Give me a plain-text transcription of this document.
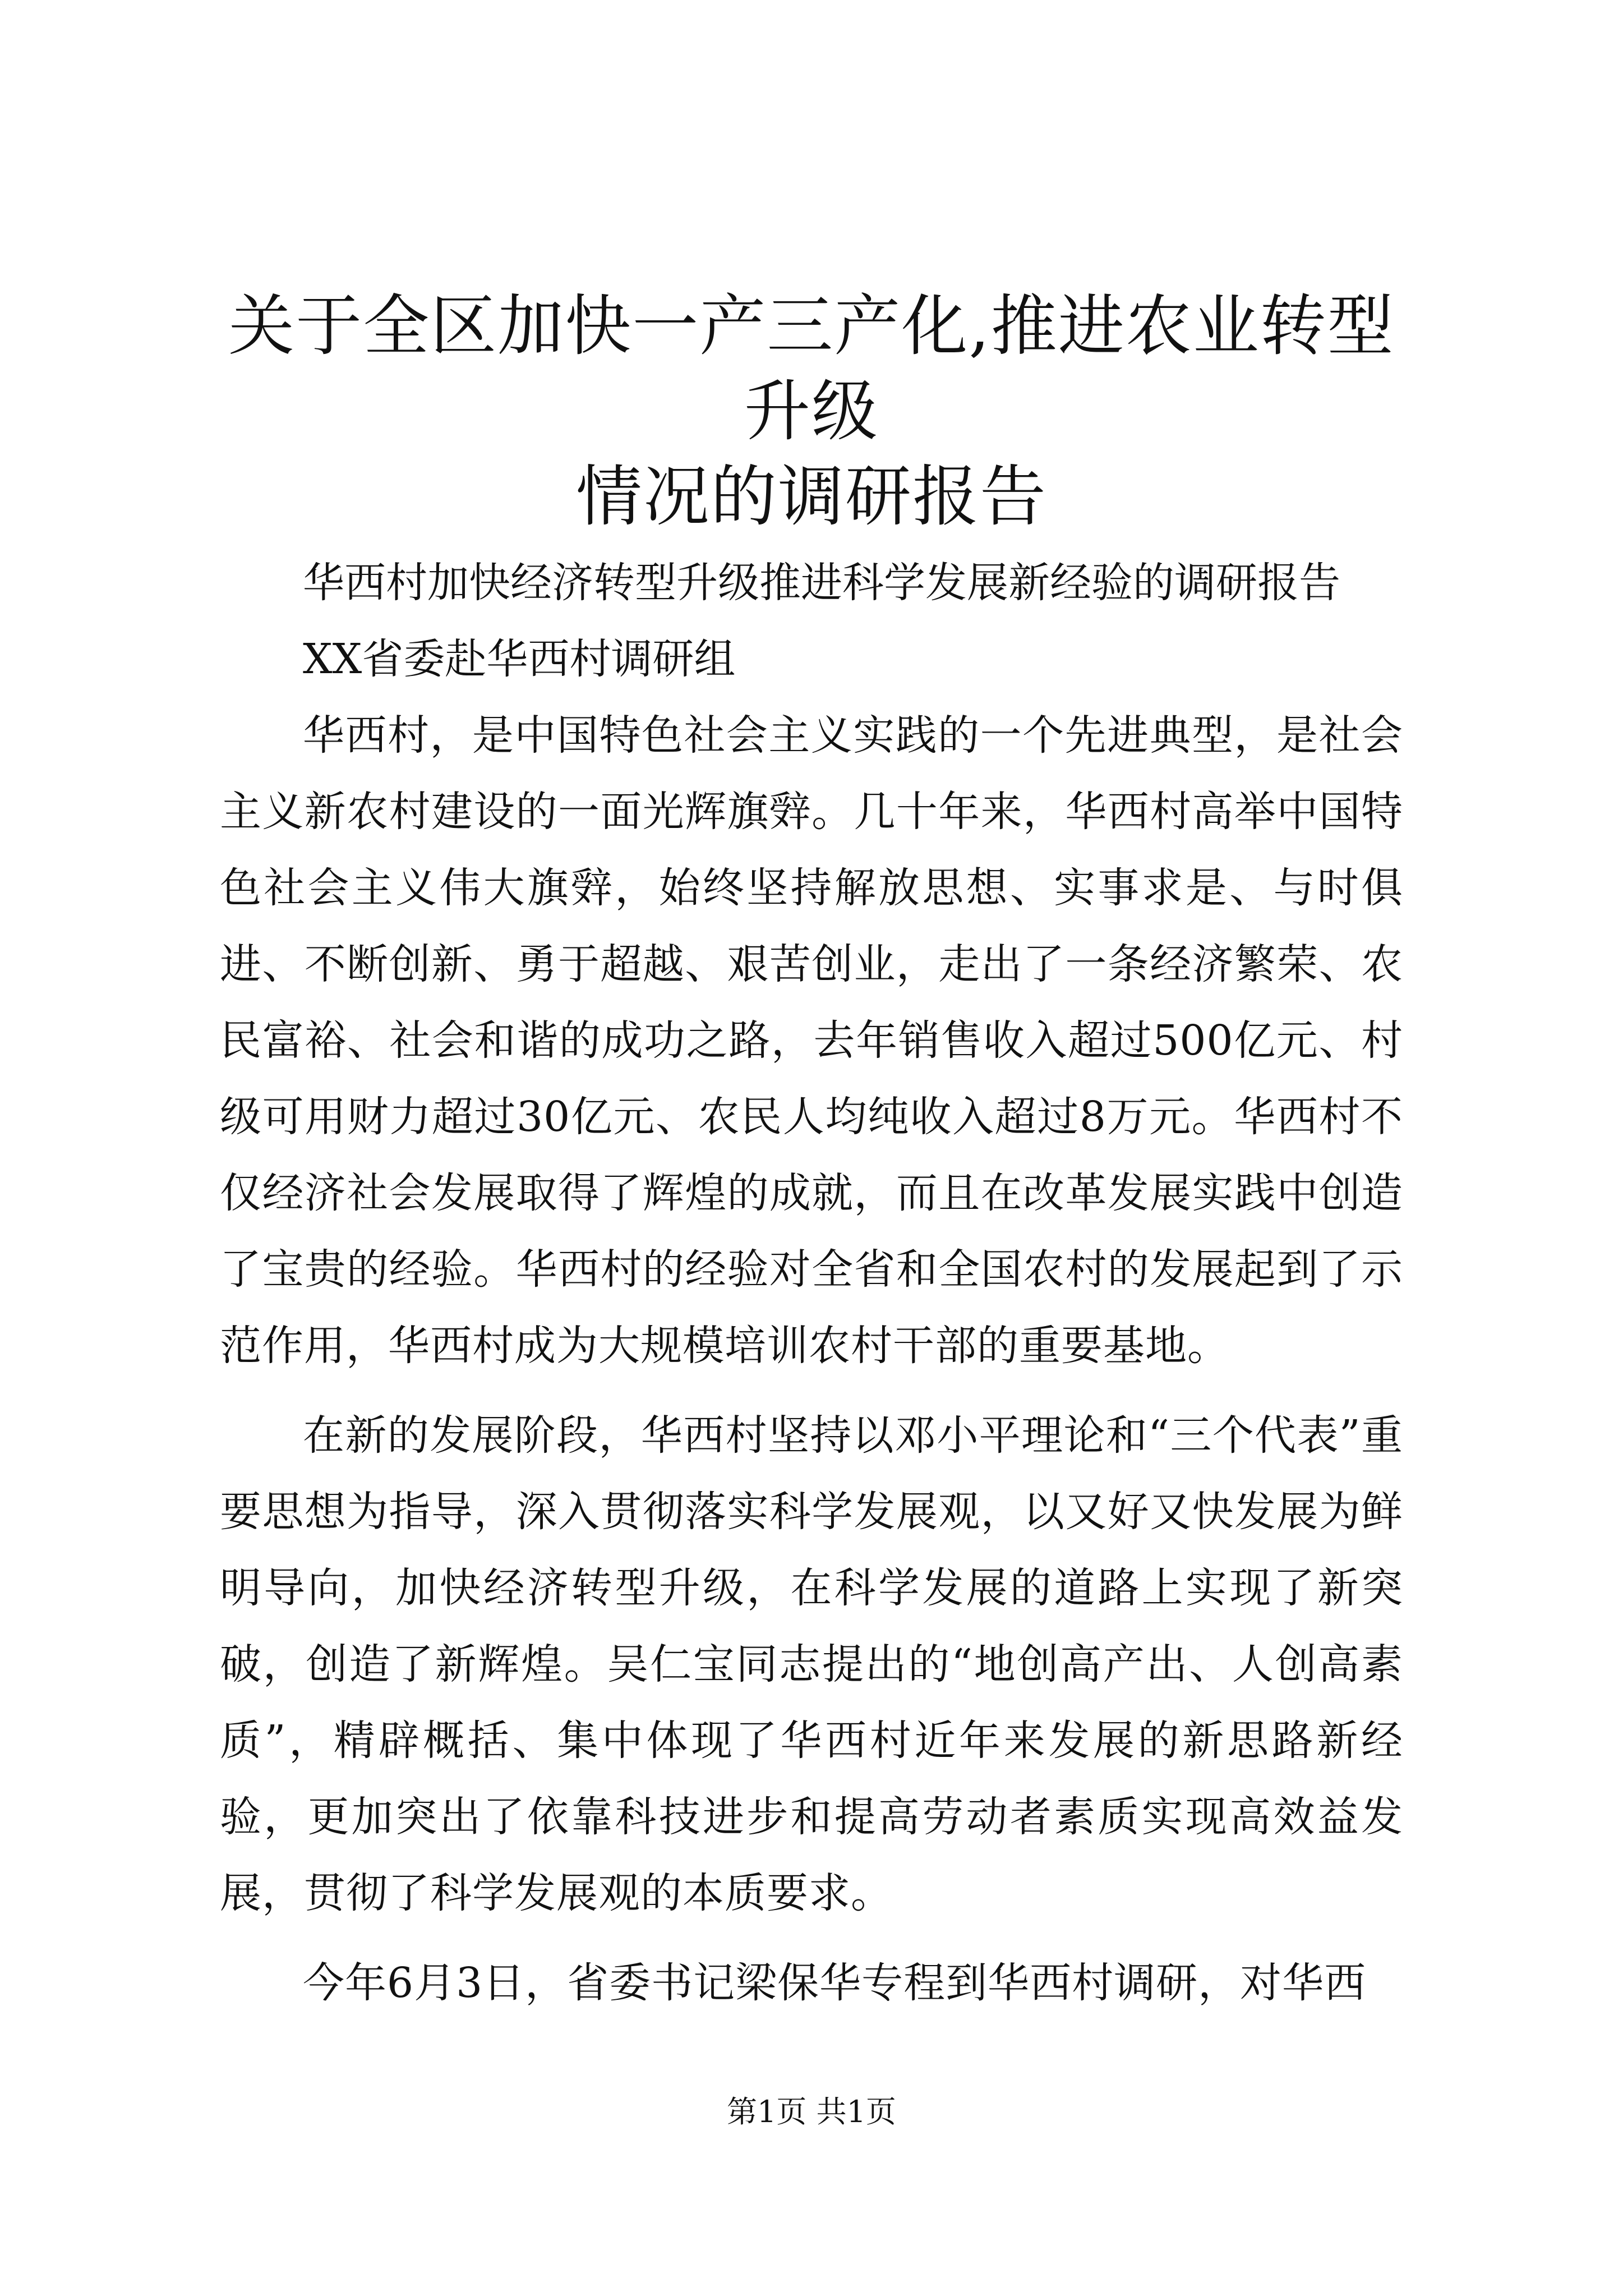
关于全区加快一产三产化,推进农业转型升级
情况的调研报告

华西村加快经济转型升级推进科学发展新经验的调研报告

XX省委赴华西村调研组

华西村，是中国特色社会主义实践的一个先进典型，是社会主义新农村建设的一面光辉旗辤。几十年来，华西村高举中国特色社会主义伟大旗辤，始终坚持解放思想、实事求是、与时俱进、不断创新、勇于超越、艰苦创业，走出了一条经济繁荣、农民富裕、社会和谐的成功之路，去年销售收入超过500亿元、村级可用财力超过30亿元、农民人均纯收入超过8万元。华西村不仅经济社会发展取得了辉煌的成就，而且在改革发展实践中创造了宝贵的经验。华西村的经验对全省和全国农村的发展起到了示范作用，华西村成为大规模培训农村干部的重要基地。

在新的发展阶段，华西村坚持以邓小平理论和“三个代表”重要思想为指导，深入贯彻落实科学发展观，以又好又快发展为鲜明导向，加快经济转型升级，在科学发展的道路上实现了新突破，创造了新辉煌。吴仁宝同志提出的“地创高产出、人创高素质”，精辟概括、集中体现了华西村近年来发展的新思路新经验，更加突出了依靠科技进步和提高劳动者素质实现高效益发展，贯彻了科学发展观的本质要求。

今年6月3日，省委书记梁保华专程到华西村调研，对华西

第1页 共1页
